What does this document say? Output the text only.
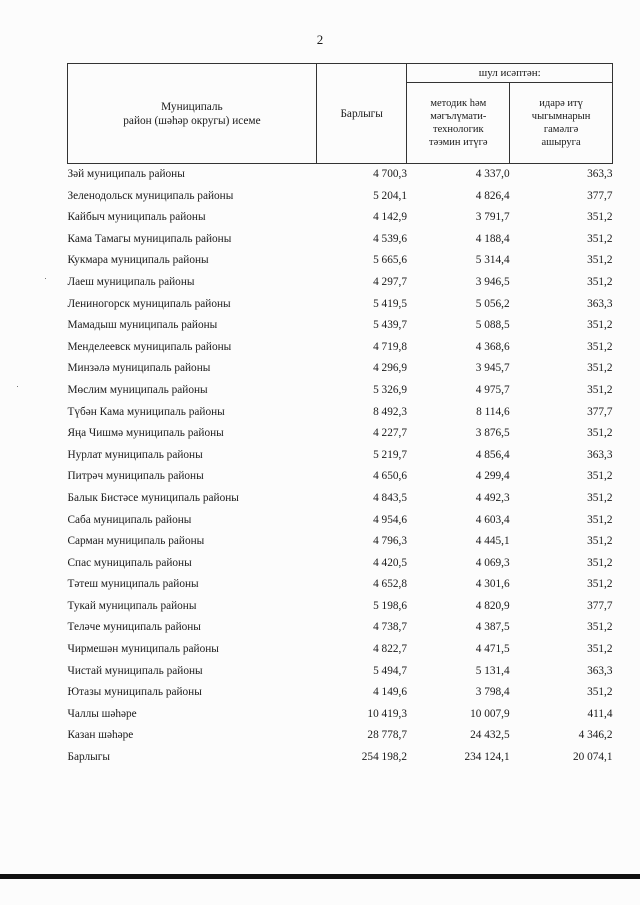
2
Муниципаль
район (шәһәр округы) исеме	Барлыгы	шул исәптән:	
		методик һәм
мәгълүмати-
технологик
тәэмин итүгә	идарә итү
чыгымнарын
гамәлгә
ашыруга
Зәй муниципаль районы	4 700,3	4 337,0	363,3
Зеленодольск муниципаль районы	5 204,1	4 826,4	377,7
Кайбыч муниципаль районы	4 142,9	3 791,7	351,2
Кама Тамагы муниципаль районы	4 539,6	4 188,4	351,2
Кукмара муниципаль районы	5 665,6	5 314,4	351,2
Лаеш муниципаль районы	4 297,7	3 946,5	351,2
Лениногорск муниципаль районы	5 419,5	5 056,2	363,3
Мамадыш муниципаль районы	5 439,7	5 088,5	351,2
Менделеевск муниципаль районы	4 719,8	4 368,6	351,2
Минзәлә муниципаль районы	4 296,9	3 945,7	351,2
Мөслим муниципаль районы	5 326,9	4 975,7	351,2
Түбән Кама муниципаль районы	8 492,3	8 114,6	377,7
Яңа Чишмә муниципаль районы	4 227,7	3 876,5	351,2
Нурлат муниципаль районы	5 219,7	4 856,4	363,3
Питрәч муниципаль районы	4 650,6	4 299,4	351,2
Балык Бистәсе муниципаль районы	4 843,5	4 492,3	351,2
Саба муниципаль районы	4 954,6	4 603,4	351,2
Сарман муниципаль районы	4 796,3	4 445,1	351,2
Спас муниципаль районы	4 420,5	4 069,3	351,2
Тәтеш муниципаль районы	4 652,8	4 301,6	351,2
Тукай муниципаль районы	5 198,6	4 820,9	377,7
Теләче муниципаль районы	4 738,7	4 387,5	351,2
Чирмешән муниципаль районы	4 822,7	4 471,5	351,2
Чистай муниципаль районы	5 494,7	5 131,4	363,3
Ютазы муниципаль районы	4 149,6	3 798,4	351,2
Чаллы шәһәре	10 419,3	10 007,9	411,4
Казан шәһәре	28 778,7	24 432,5	4 346,2
Барлыгы	254 198,2	234 124,1	20 074,1
